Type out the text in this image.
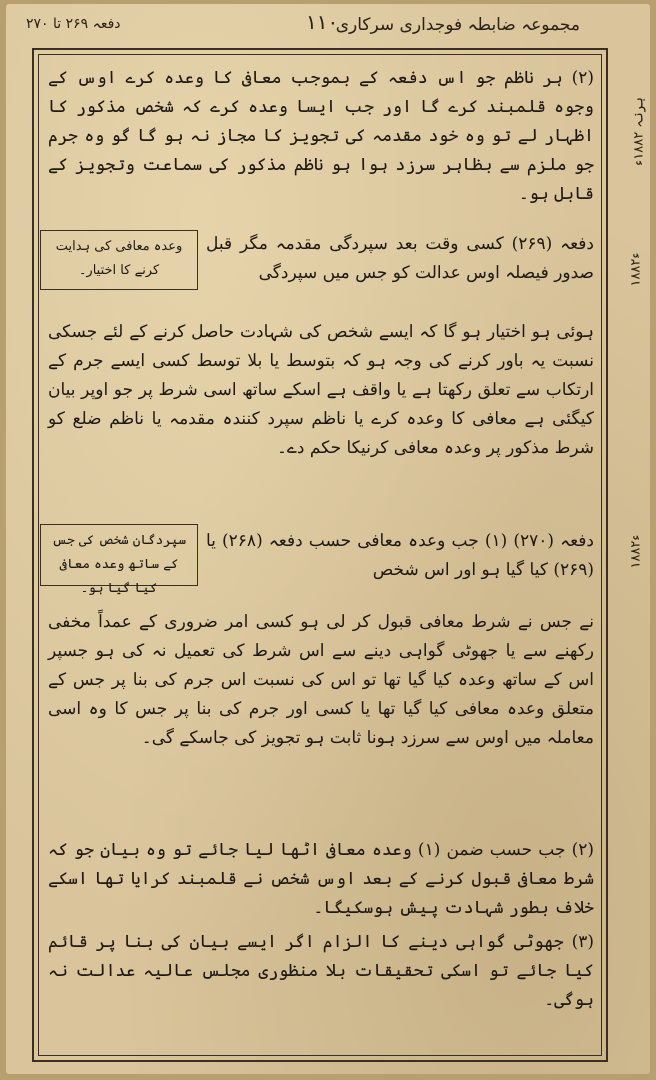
مجموعہ ضابطہ فوجداری سرکاری
۱۱۰
دفعہ ۲۶۹ تا ۲۷۰

(۲) ہر ناظم جو اس دفعہ کے بموجب معافی کا وعدہ کرے اوس کے وجوہ قلمبند کرے گا اور جب ایسا وعدہ کرے کہ شخص مذکور کا اظہار لے تو وہ خود مقدمہ کی تجویز کا مجاز نہ ہو گا گو وہ جرم جو ملزم سے بظاہر سرزد ہوا ہو ناظم مذکور کی سماعت وتجویز کے قابل ہو۔

دفعہ (۲۶۹) کسی وقت بعد سپردگی مقدمہ مگر قبل صدور فیصلہ اوس عدالت کو جس میں سپردگی

وعدہ معافی کی ہدایت کرنے کا اختیار۔

ہوئی ہو اختیار ہو گا کہ ایسے شخص کی شہادت حاصل کرنے کے لئے جسکی نسبت یہ باور کرنے کی وجہ ہو کہ بتوسط یا بلا توسط کسی ایسے جرم کے ارتکاب سے تعلق رکھتا ہے یا واقف ہے اسکے ساتھ اسی شرط پر جو اوپر بیان کیگئی ہے معافی کا وعدہ کرے یا ناظم سپرد کنندہ مقدمہ یا ناظم ضلع کو شرط مذکور پر وعدہ معافی کرنیکا حکم دے۔

دفعہ (۲۷۰) (۱) جب وعدہ معافی حسب دفعہ (۲۶۸) یا (۲۶۹) کیا گیا ہو اور اس شخص

سپردگان شخص کی جس کے ساتھ وعدہ معافی کیا گیا ہو۔

نے جس نے شرط معافی قبول کر لی ہو کسی امر ضروری کے عمداً مخفی رکھنے سے یا جھوٹی گواہی دینے سے اس شرط کی تعمیل نہ کی ہو جسپر اس کے ساتھ وعدہ کیا گیا تھا تو اس کی نسبت اس جرم کی بنا پر جس کے متعلق وعدہ معافی کیا گیا تھا یا کسی اور جرم کی بنا پر جس کا وہ اسی معاملہ میں اوس سے سرزد ہونا ثابت ہو تجویز کی جاسکے گی۔

(۲) جب حسب ضمن (۱) وعدہ معافی اٹھا لیا جائے تو وہ بیان جو کہ شرط معافی قبول کرنے کے بعد اوس شخص نے قلمبند کرایا تھا اسکے خلاف بطور شہادت پیش ہوسکیگا۔

(۳) جھوٹی گواہی دینے کا الزام اگر ایسے بیان کی بنا پر قائم کیا جائے تو اسکی تحقیقات بلا منظوری مجلس عالیہ عدالت نہ ہوگی۔

ہرنہ ۱۸۸۲ء
۱۸۸۲ء
۱۸۸۲ء
